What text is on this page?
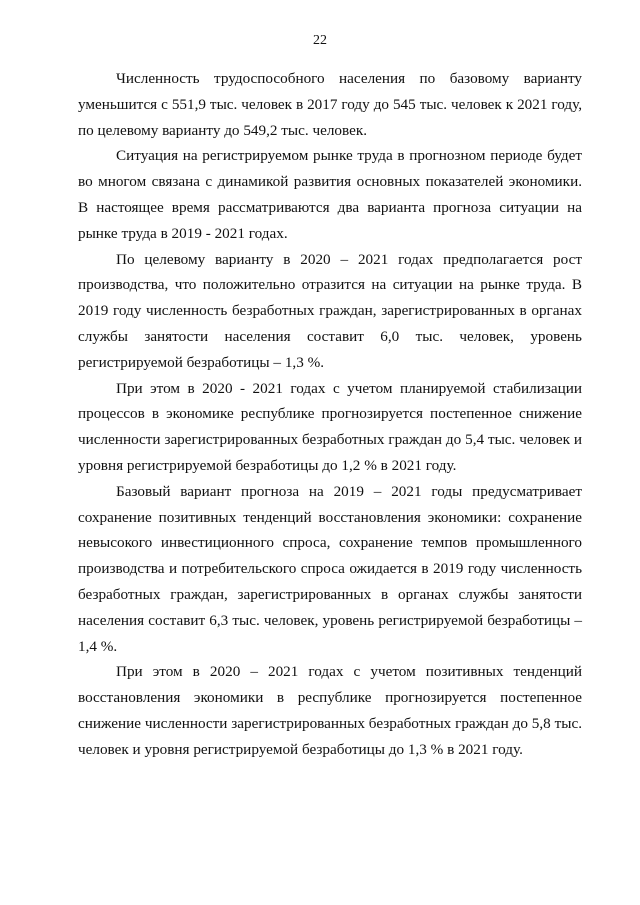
22

Численность трудоспособного населения по базовому варианту уменьшится с 551,9 тыс. человек в 2017 году до 545 тыс. человек к 2021 году, по целевому варианту до 549,2 тыс. человек.

Ситуация на регистрируемом рынке труда в прогнозном периоде будет во многом связана с динамикой развития основных показателей экономики. В настоящее время рассматриваются два варианта прогноза ситуации на рынке труда в 2019 - 2021 годах.

По целевому варианту в 2020 – 2021 годах предполагается рост производства, что положительно отразится на ситуации на рынке труда. В 2019 году численность безработных граждан, зарегистрированных в органах службы занятости населения составит 6,0 тыс. человек, уровень регистрируемой безработицы – 1,3 %.

При этом в 2020 - 2021 годах с учетом планируемой стабилизации процессов в экономике республике прогнозируется постепенное снижение численности зарегистрированных безработных граждан до 5,4 тыс. человек и уровня регистрируемой безработицы до 1,2 % в 2021 году.

Базовый вариант прогноза на 2019 – 2021 годы предусматривает сохранение позитивных тенденций восстановления экономики: сохранение невысокого инвестиционного спроса, сохранение темпов промышленного производства и потребительского спроса ожидается в 2019 году численность безработных граждан, зарегистрированных в органах службы занятости населения составит 6,3 тыс. человек, уровень регистрируемой безработицы – 1,4 %.

При этом в 2020 – 2021 годах с учетом позитивных тенденций восстановления экономики в республике прогнозируется постепенное снижение численности зарегистрированных безработных граждан до 5,8 тыс. человек и уровня регистрируемой безработицы до 1,3 % в 2021 году.
